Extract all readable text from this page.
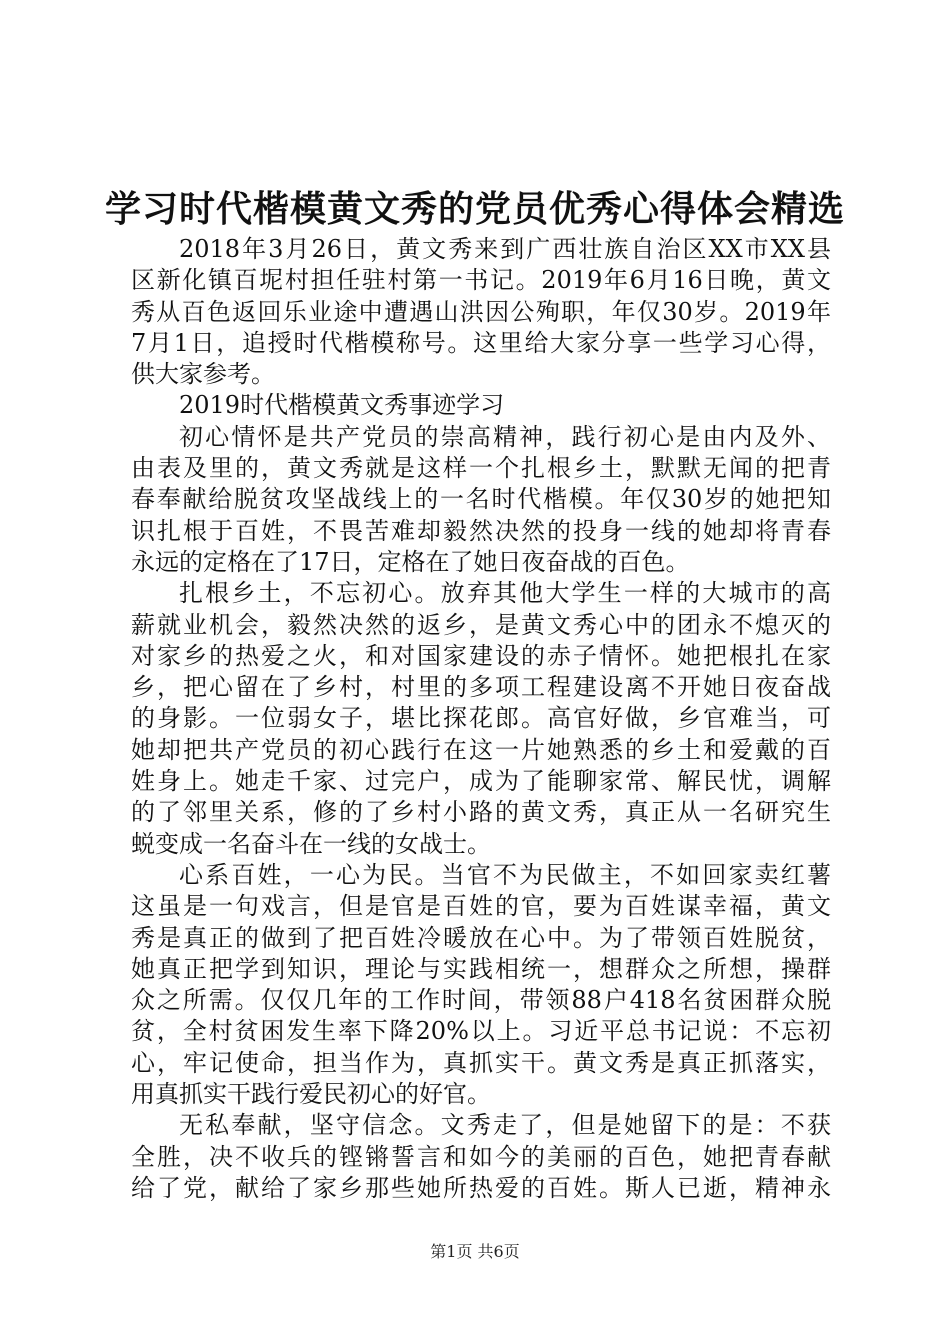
学习时代楷模黄文秀的党员优秀心得体会精选
2018年3月26日，黄文秀来到广西壮族自治区XX市XX县
区新化镇百坭村担任驻村第一书记。2019年6月16日晚，黄文
秀从百色返回乐业途中遭遇山洪因公殉职，年仅30岁。2019年
7月1日，追授时代楷模称号。这里给大家分享一些学习心得，
供大家参考。
2019时代楷模黄文秀事迹学习
初心情怀是共产党员的崇高精神，践行初心是由内及外、
由表及里的，黄文秀就是这样一个扎根乡土，默默无闻的把青
春奉献给脱贫攻坚战线上的一名时代楷模。年仅30岁的她把知
识扎根于百姓，不畏苦难却毅然决然的投身一线的她却将青春
永远的定格在了17日，定格在了她日夜奋战的百色。
扎根乡土，不忘初心。放弃其他大学生一样的大城市的高
薪就业机会，毅然决然的返乡，是黄文秀心中的团永不熄灭的
对家乡的热爱之火，和对国家建设的赤子情怀。她把根扎在家
乡，把心留在了乡村，村里的多项工程建设离不开她日夜奋战
的身影。一位弱女子，堪比探花郎。高官好做，乡官难当，可
她却把共产党员的初心践行在这一片她熟悉的乡土和爱戴的百
姓身上。她走千家、过完户，成为了能聊家常、解民忧，调解
的了邻里关系，修的了乡村小路的黄文秀，真正从一名研究生
蜕变成一名奋斗在一线的女战士。
心系百姓，一心为民。当官不为民做主，不如回家卖红薯
这虽是一句戏言，但是官是百姓的官，要为百姓谋幸福，黄文
秀是真正的做到了把百姓冷暖放在心中。为了带领百姓脱贫，
她真正把学到知识，理论与实践相统一，想群众之所想，操群
众之所需。仅仅几年的工作时间，带领88户418名贫困群众脱
贫，全村贫困发生率下降20%以上。习近平总书记说：不忘初
心，牢记使命，担当作为，真抓实干。黄文秀是真正抓落实，
用真抓实干践行爱民初心的好官。
无私奉献，坚守信念。文秀走了，但是她留下的是：不获
全胜，决不收兵的铿锵誓言和如今的美丽的百色，她把青春献
给了党，献给了家乡那些她所热爱的百姓。斯人已逝，精神永
第1页 共6页
